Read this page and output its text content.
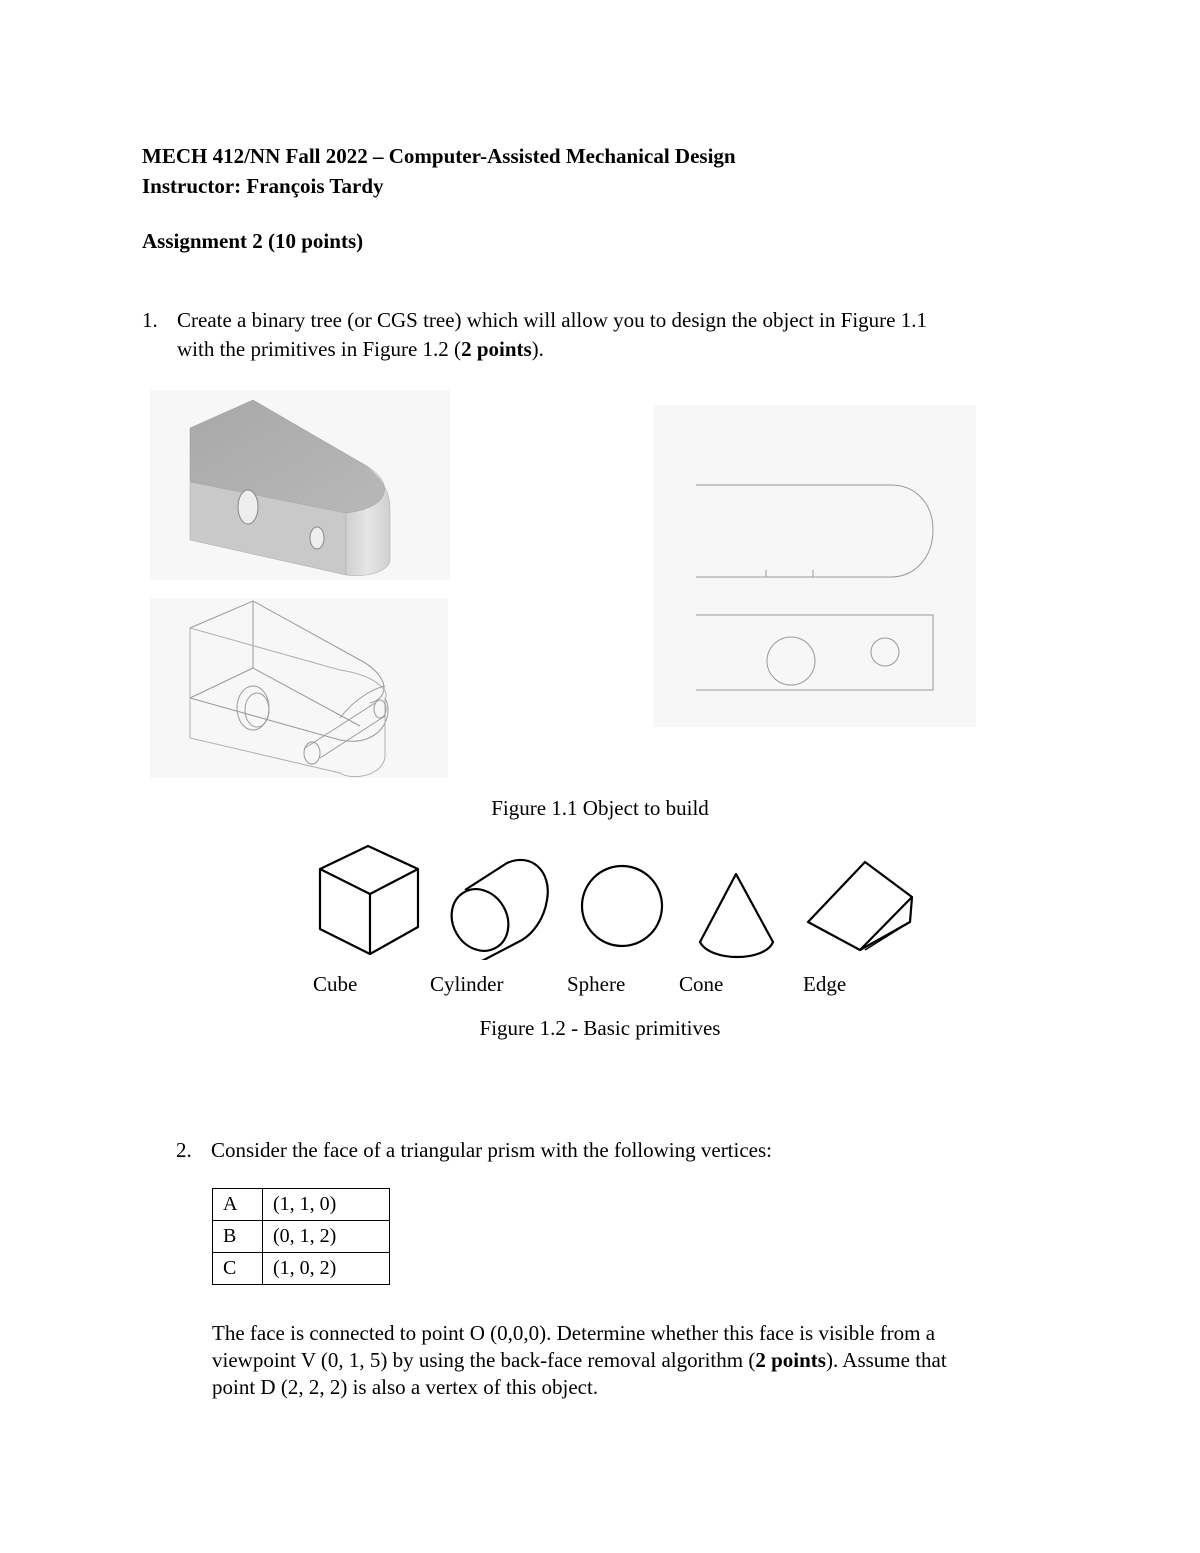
MECH 412/NN Fall 2022 – Computer-Assisted Mechanical Design
Instructor: François Tardy
Assignment 2 (10 points)
1. Create a binary tree (or CGS tree) which will allow you to design the object in Figure 1.1
with the primitives in Figure 1.2 (2 points).
Figure 1.1 Object to build
Cube	Cylinder	Sphere	Cone	Edge
Figure 1.2 - Basic primitives
2. Consider the face of a triangular prism with the following vertices:
A	(1, 1, 0)
B	(0, 1, 2)
C	(1, 0, 2)
The face is connected to point O (0,0,0). Determine whether this face is visible from a
viewpoint V (0, 1, 5) by using the back-face removal algorithm (2 points). Assume that
point D (2, 2, 2) is also a vertex of this object.
